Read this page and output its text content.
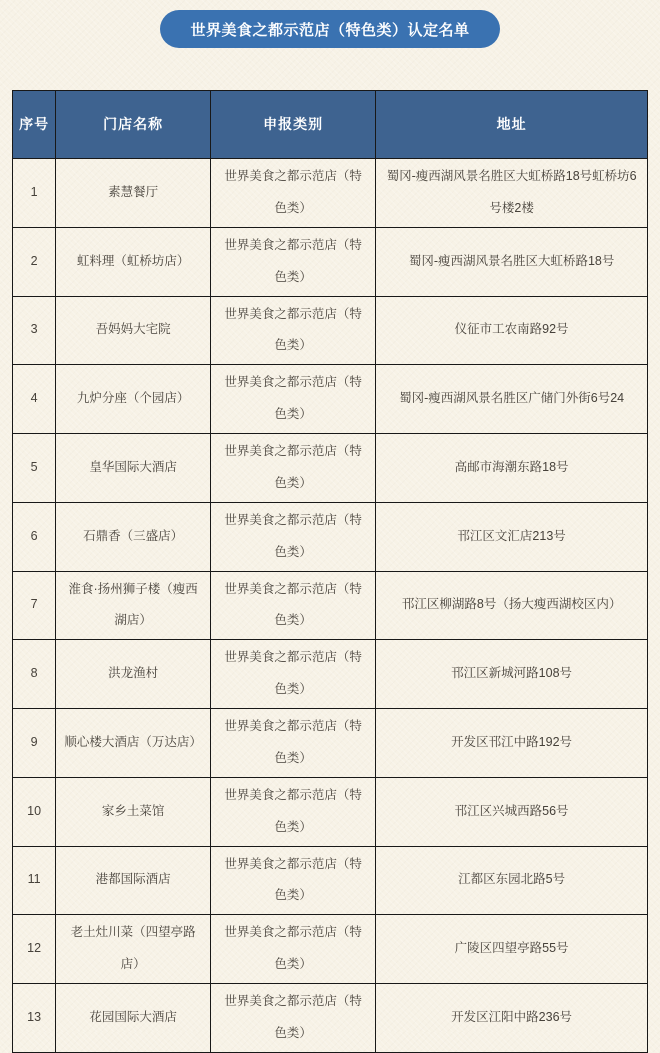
世界美食之都示范店（特色类）认定名单
序号	门店名称	申报类别	地址
1	素慧餐厅	世界美食之都示范店（特色类）	蜀冈-瘦西湖风景名胜区大虹桥路18号虹桥坊6号楼2楼
2	虹料理（虹桥坊店）	世界美食之都示范店（特色类）	蜀冈-瘦西湖风景名胜区大虹桥路18号
3	吾妈妈大宅院	世界美食之都示范店（特色类）	仪征市工农南路92号
4	九炉分座（个园店）	世界美食之都示范店（特色类）	蜀冈-瘦西湖风景名胜区广储门外街6号24
5	皇华国际大酒店	世界美食之都示范店（特色类）	高邮市海潮东路18号
6	石鼎香（三盛店）	世界美食之都示范店（特色类）	邗江区文汇店213号
7	淮食·扬州狮子楼（瘦西湖店）	世界美食之都示范店（特色类）	邗江区柳湖路8号（扬大瘦西湖校区内）
8	洪龙渔村	世界美食之都示范店（特色类）	邗江区新城河路108号
9	顺心楼大酒店（万达店）	世界美食之都示范店（特色类）	开发区邗江中路192号
10	家乡土菜馆	世界美食之都示范店（特色类）	邗江区兴城西路56号
11	港都国际酒店	世界美食之都示范店（特色类）	江都区东园北路5号
12	老土灶川菜（四望亭路店）	世界美食之都示范店（特色类）	广陵区四望亭路55号
13	花园国际大酒店	世界美食之都示范店（特色类）	开发区江阳中路236号
